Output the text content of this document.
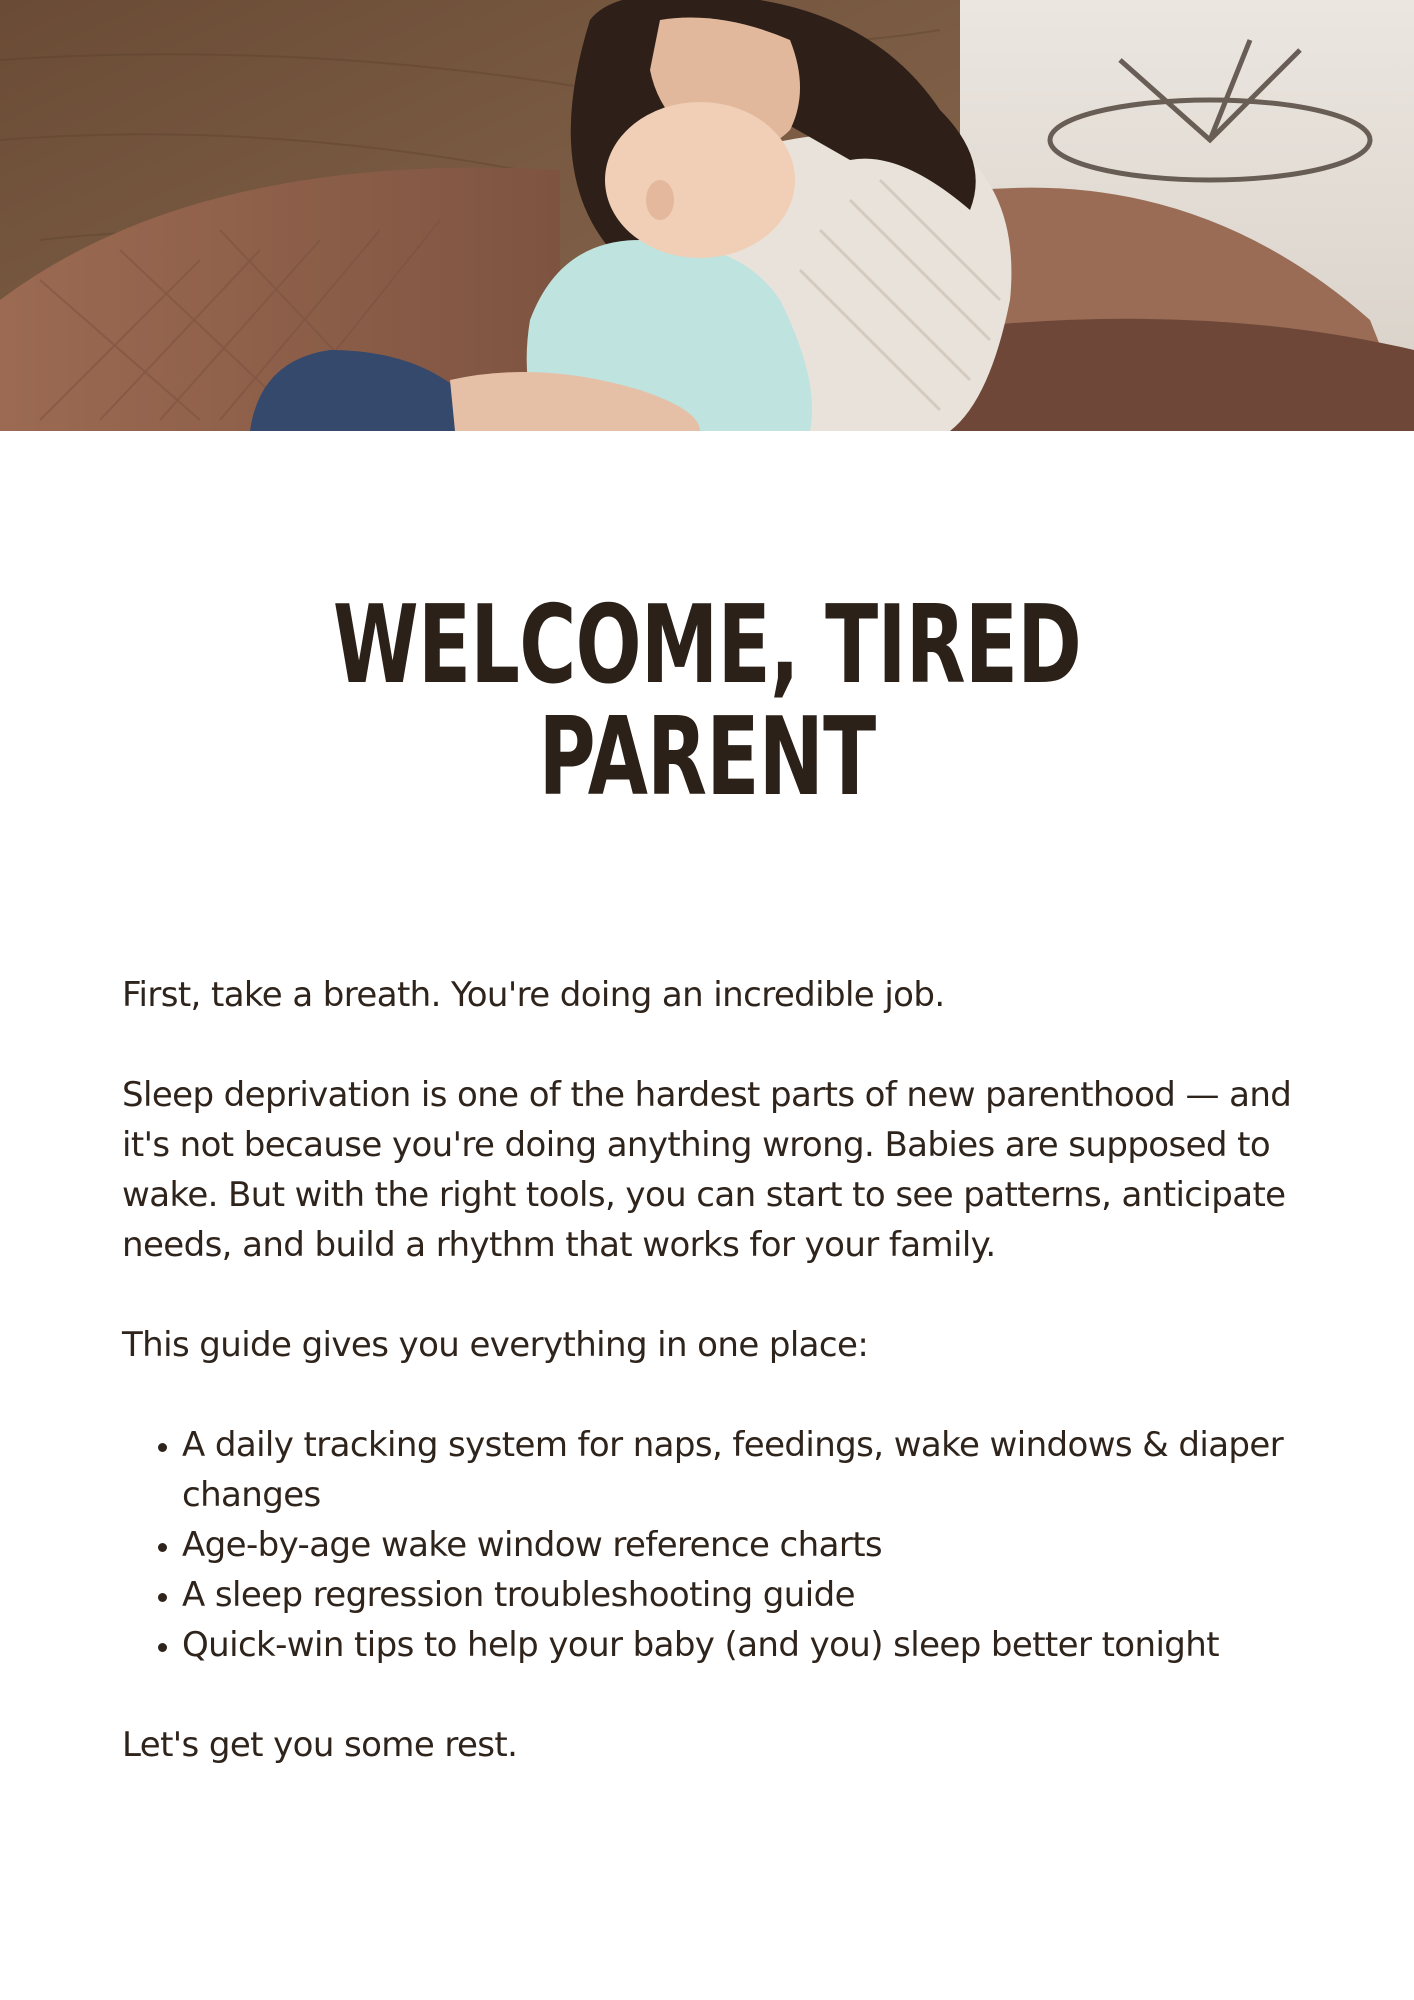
WELCOME, TIRED
PARENT

First, take a breath. You're doing an incredible job.

Sleep deprivation is one of the hardest parts of new parenthood — and it's not because you're doing anything wrong. Babies are supposed to wake. But with the right tools, you can start to see patterns, anticipate needs, and build a rhythm that works for your family.

This guide gives you everything in one place:

• A daily tracking system for naps, feedings, wake windows & diaper changes
• Age-by-age wake window reference charts
• A sleep regression troubleshooting guide
• Quick-win tips to help your baby (and you) sleep better tonight

Let's get you some rest.
